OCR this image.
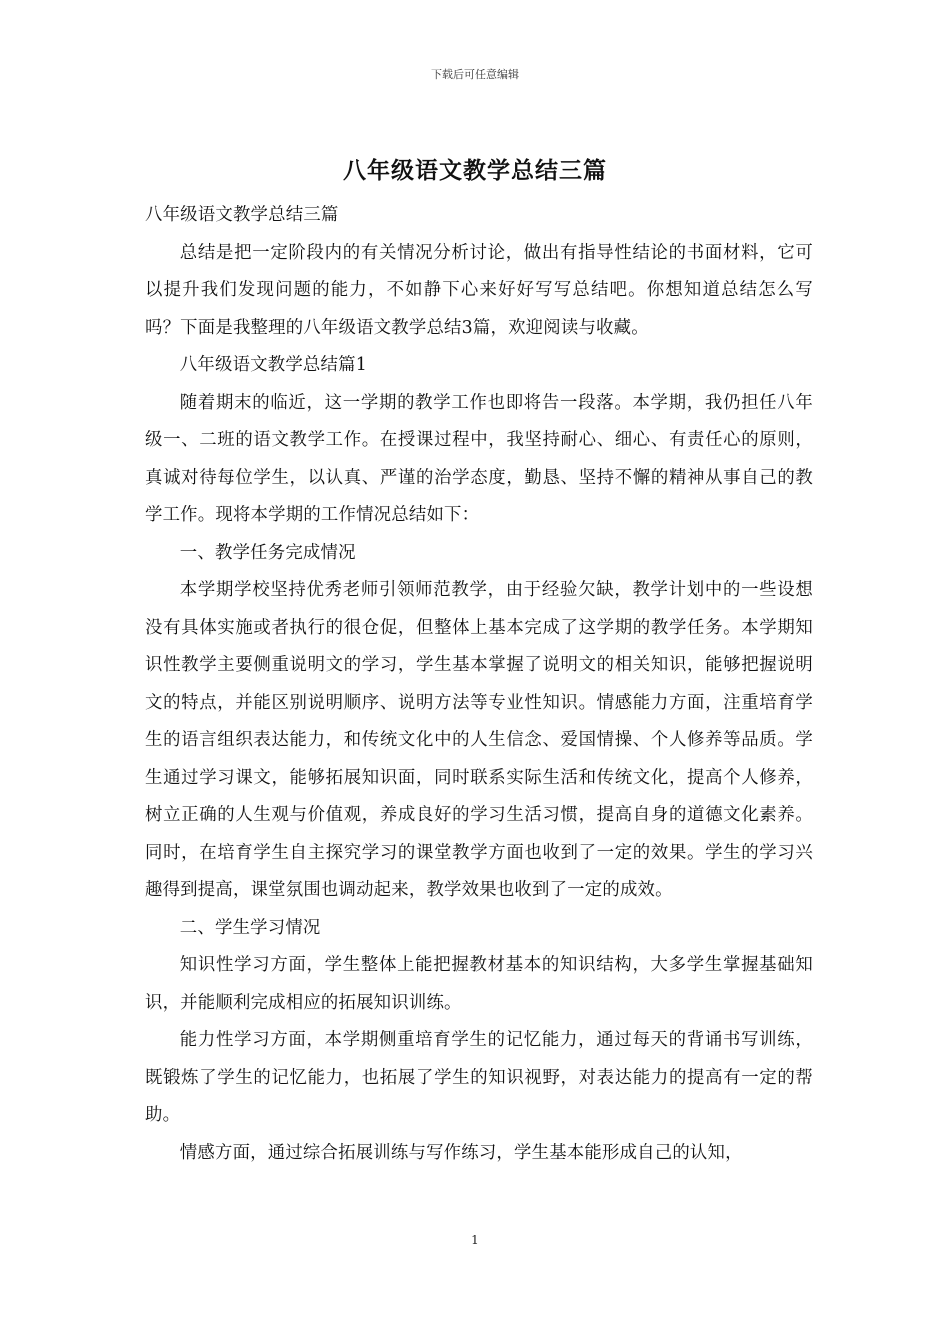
下载后可任意编辑
八年级语文教学总结三篇

八年级语文教学总结三篇

总结是把一定阶段内的有关情况分析讨论，做出有指导性结论的书面材料，它可以提升我们发现问题的能力，不如静下心来好好写写总结吧。你想知道总结怎么写吗？下面是我整理的八年级语文教学总结3篇，欢迎阅读与收藏。

八年级语文教学总结篇1

随着期末的临近，这一学期的教学工作也即将告一段落。本学期，我仍担任八年级一、二班的语文教学工作。在授课过程中，我坚持耐心、细心、有责任心的原则，真诚对待每位学生，以认真、严谨的治学态度，勤恳、坚持不懈的精神从事自己的教学工作。现将本学期的工作情况总结如下：

一、教学任务完成情况

本学期学校坚持优秀老师引领师范教学，由于经验欠缺，教学计划中的一些设想没有具体实施或者执行的很仓促，但整体上基本完成了这学期的教学任务。本学期知识性教学主要侧重说明文的学习，学生基本掌握了说明文的相关知识，能够把握说明文的特点，并能区别说明顺序、说明方法等专业性知识。情感能力方面，注重培育学生的语言组织表达能力，和传统文化中的人生信念、爱国情操、个人修养等品质。学生通过学习课文，能够拓展知识面，同时联系实际生活和传统文化，提高个人修养，树立正确的人生观与价值观，养成良好的学习生活习惯，提高自身的道德文化素养。同时，在培育学生自主探究学习的课堂教学方面也收到了一定的效果。学生的学习兴趣得到提高，课堂氛围也调动起来，教学效果也收到了一定的成效。

二、学生学习情况

知识性学习方面，学生整体上能把握教材基本的知识结构，大多学生掌握基础知识，并能顺利完成相应的拓展知识训练。

能力性学习方面，本学期侧重培育学生的记忆能力，通过每天的背诵书写训练，既锻炼了学生的记忆能力，也拓展了学生的知识视野，对表达能力的提高有一定的帮助。

情感方面，通过综合拓展训练与写作练习，学生基本能形成自己的认知，

1
